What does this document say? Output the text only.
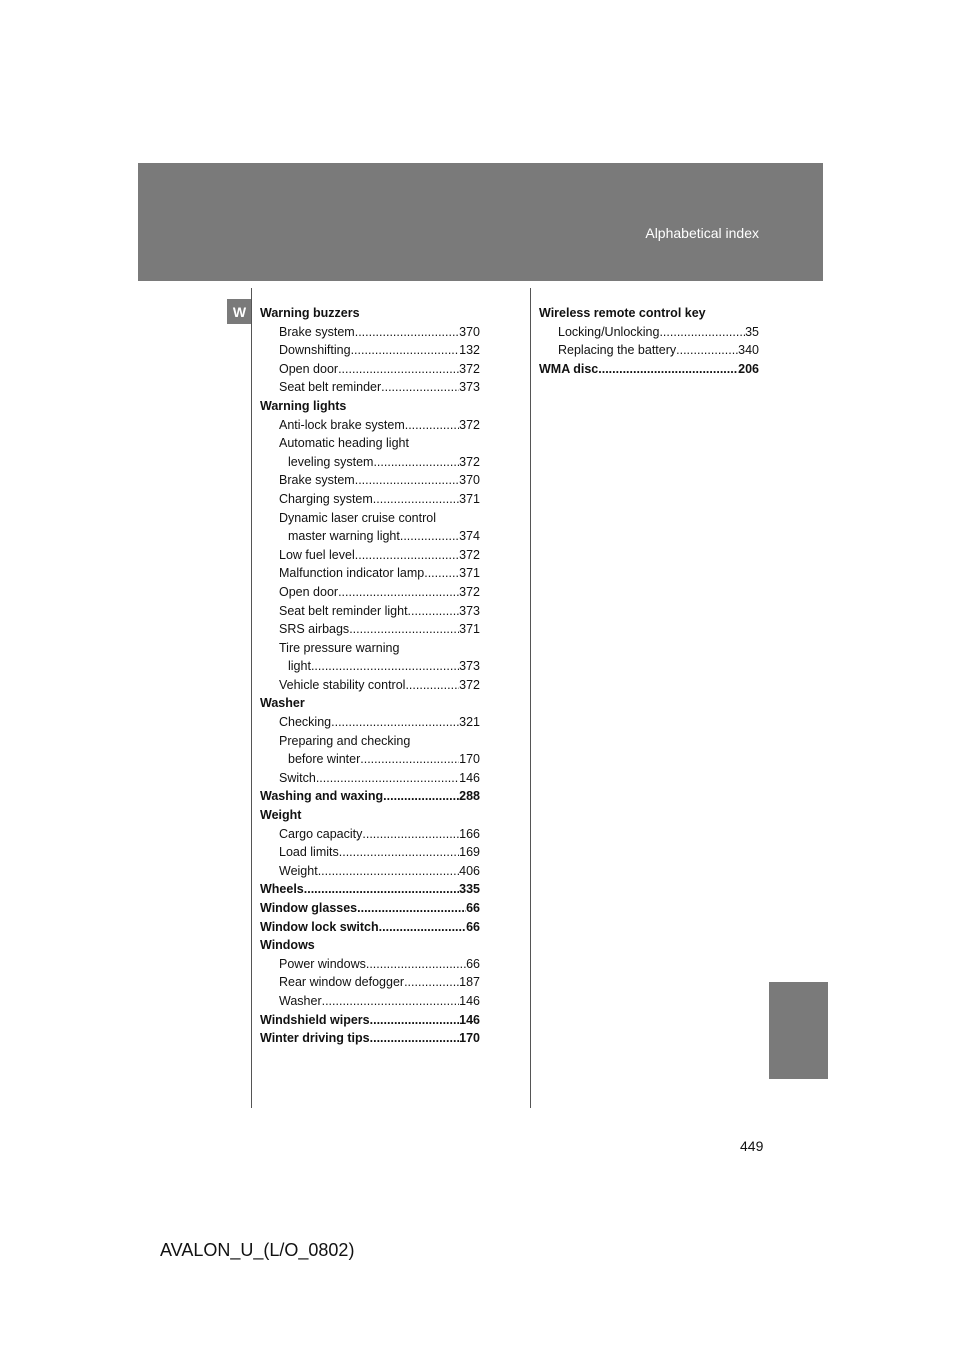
Alphabetical index
W	Warning buzzers
Brake system .....	370
Downshifting .....	132
Open door .....	372
Seat belt reminder .....	373
Warning lights
Anti-lock brake system .....	372
Automatic heading light
leveling system .....	372
Brake system .....	370
Charging system .....	371
Dynamic laser cruise control
master warning light .....	374
Low fuel level .....	372
Malfunction indicator lamp .....	371
Open door .....	372
Seat belt reminder light .....	373
SRS airbags .....	371
Tire pressure warning
light .....	373
Vehicle stability control .....	372
Washer
Checking .....	321
Preparing and checking
before winter .....	170
Switch .....	146
Washing and waxing .....	288
Weight
Cargo capacity .....	166
Load limits .....	169
Weight .....	406
Wheels .....	335
Window glasses .....	66
Window lock switch .....	66
Windows
Power windows .....	66
Rear window defogger .....	187
Washer .....	146
Windshield wipers .....	146
Winter driving tips .....	170
Wireless remote control key
Locking/Unlocking .....	35
Replacing the battery .....	340
WMA disc .....	206
449
AVALON_U_(L/O_0802)
